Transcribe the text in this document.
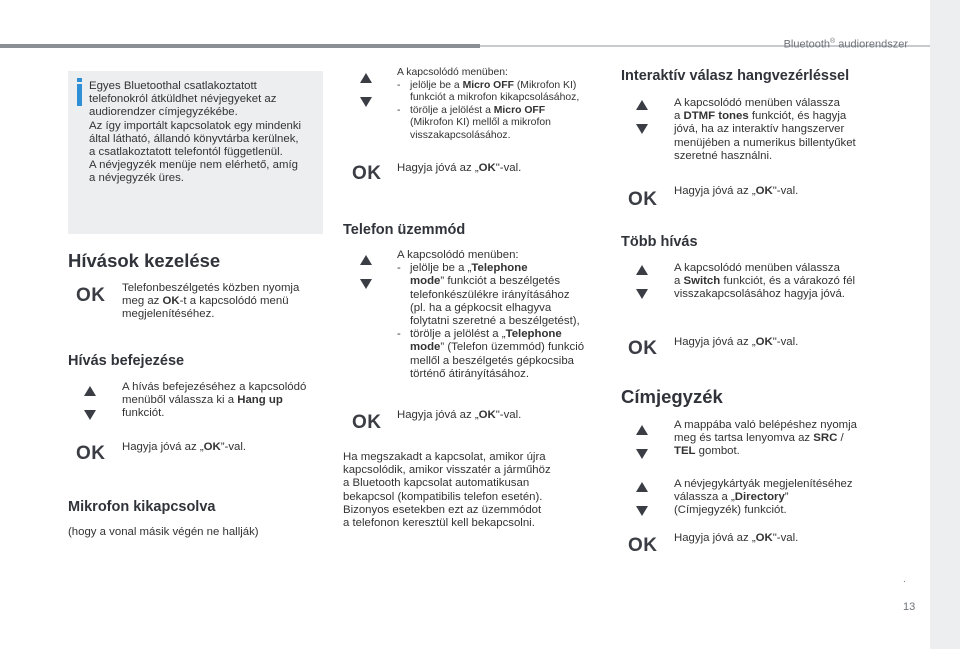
Bluetooth® audiorendszer
.
13
Egyes Bluetoothal csatlakoztatott
telefonokról átküldhet névjegyeket az
audiorendzer címjegyzékébe.
Az így importált kapcsolatok egy mindenki
által látható, állandó könyvtárba kerülnek,
a csatlakoztatott telefontól függetlenül.
A névjegyzék menüje nem elérhető, amíg
a névjegyzék üres.
Hívások kezelése
OK Telefonbeszélgetés közben nyomja
meg az OK-t a kapcsolódó menü
megjelenítéséhez.
Hívás befejezése
A hívás befejezéséhez a kapcsolódó
menüből válassza ki a Hang up
funkciót.
OK Hagyja jóvá az „OK”-val.
Mikrofon kikapcsolva
(hogy a vonal másik végén ne hallják)
A kapcsolódó menüben:
- jelölje be a Micro OFF (Mikrofon KI)
funkciót a mikrofon kikapcsolásához,
- törölje a jelölést a Micro OFF
(Mikrofon KI) mellől a mikrofon
visszakapcsolásához.
OK Hagyja jóvá az „OK"-val.
Telefon üzemmód
A kapcsolódó menüben:
- jelölje be a „Telephone
mode” funkciót a beszélgetés
telefonkészülékre irányításához
(pl. ha a gépkocsit elhagyva
folytatni szeretné a beszélgetést),
- törölje a jelölést a „Telephone
mode” (Telefon üzemmód) funkció
mellől a beszélgetés gépkocsiba
történő átirányításához.
OK Hagyja jóvá az „OK"-val.
Ha megszakadt a kapcsolat, amikor újra
kapcsolódik, amikor visszatér a járműhöz
a Bluetooth kapcsolat automatikusan
bekapcsol (kompatibilis telefon esetén).
Bizonyos esetekben ezt az üzemmódot
a telefonon keresztül kell bekapcsolni.
Interaktív válasz hangvezérléssel
A kapcsolódó menüben válassza
a DTMF tones funkciót, és hagyja
jóvá, ha az interaktív hangszerver
menüjében a numerikus billentyűket
szeretné használni.
OK Hagyja jóvá az „OK"-val.
Több hívás
A kapcsolódó menüben válassza
a Switch funkciót, és a várakozó fél
visszakapcsolásához hagyja jóvá.
OK Hagyja jóvá az „OK"-val.
Címjegyzék
A mappába való belépéshez nyomja
meg és tartsa lenyomva az SRC /
TEL gombot.
A névjegykártyák megjelenítéséhez
válassza a „Directory”
(Címjegyzék) funkciót.
OK Hagyja jóvá az „OK"-val.
